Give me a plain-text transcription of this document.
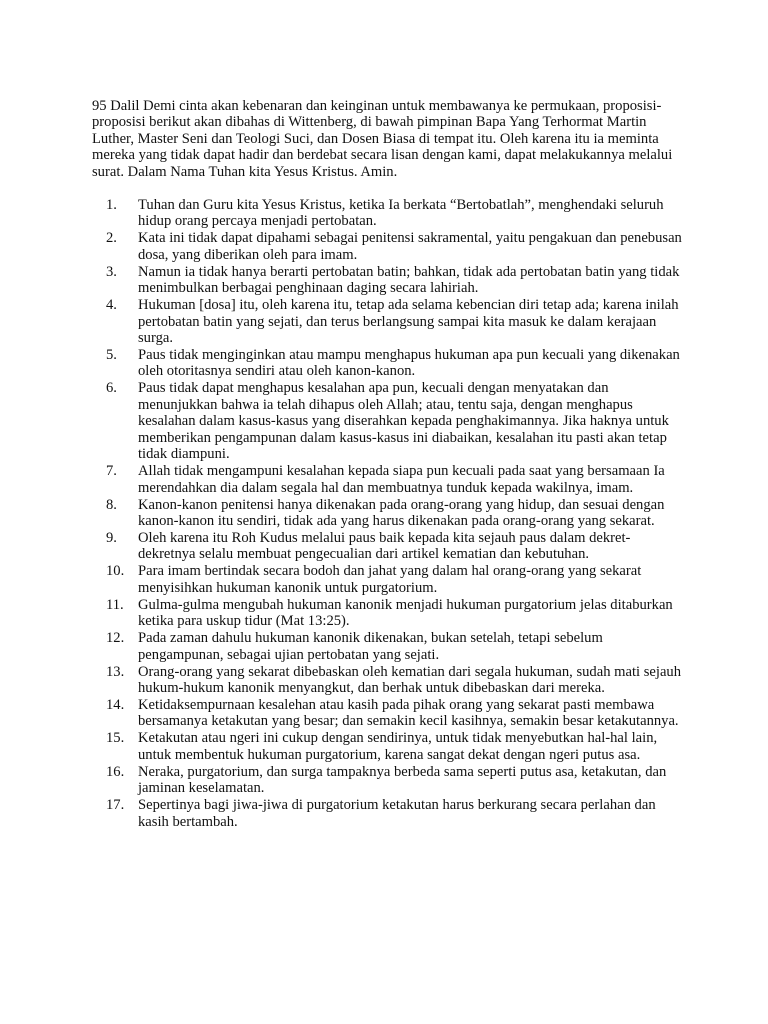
95 Dalil Demi cinta akan kebenaran dan keinginan untuk membawanya ke permukaan, proposisi-proposisi berikut akan dibahas di Wittenberg, di bawah pimpinan Bapa Yang Terhormat Martin Luther, Master Seni dan Teologi Suci, dan Dosen Biasa di tempat itu. Oleh karena itu ia meminta mereka yang tidak dapat hadir dan berdebat secara lisan dengan kami, dapat melakukannya melalui surat. Dalam Nama Tuhan kita Yesus Kristus. Amin.

1.	Tuhan dan Guru kita Yesus Kristus, ketika Ia berkata “Bertobatlah”, menghendaki seluruh hidup orang percaya menjadi pertobatan.
2.	Kata ini tidak dapat dipahami sebagai penitensi sakramental, yaitu pengakuan dan penebusan dosa, yang diberikan oleh para imam.
3.	Namun ia tidak hanya berarti pertobatan batin; bahkan, tidak ada pertobatan batin yang tidak menimbulkan berbagai penghinaan daging secara lahiriah.
4.	Hukuman [dosa] itu, oleh karena itu, tetap ada selama kebencian diri tetap ada; karena inilah pertobatan batin yang sejati, dan terus berlangsung sampai kita masuk ke dalam kerajaan surga.
5.	Paus tidak menginginkan atau mampu menghapus hukuman apa pun kecuali yang dikenakan oleh otoritasnya sendiri atau oleh kanon-kanon.
6.	Paus tidak dapat menghapus kesalahan apa pun, kecuali dengan menyatakan dan menunjukkan bahwa ia telah dihapus oleh Allah; atau, tentu saja, dengan menghapus kesalahan dalam kasus-kasus yang diserahkan kepada penghakimannya. Jika haknya untuk memberikan pengampunan dalam kasus-kasus ini diabaikan, kesalahan itu pasti akan tetap tidak diampuni.
7.	Allah tidak mengampuni kesalahan kepada siapa pun kecuali pada saat yang bersamaan Ia merendahkan dia dalam segala hal dan membuatnya tunduk kepada wakilnya, imam.
8.	Kanon-kanon penitensi hanya dikenakan pada orang-orang yang hidup, dan sesuai dengan kanon-kanon itu sendiri, tidak ada yang harus dikenakan pada orang-orang yang sekarat.
9.	Oleh karena itu Roh Kudus melalui paus baik kepada kita sejauh paus dalam dekret-dekretnya selalu membuat pengecualian dari artikel kematian dan kebutuhan.
10. Para imam bertindak secara bodoh dan jahat yang dalam hal orang-orang yang sekarat menyisihkan hukuman kanonik untuk purgatorium.
11. Gulma-gulma mengubah hukuman kanonik menjadi hukuman purgatorium jelas ditaburkan ketika para uskup tidur (Mat 13:25).
12. Pada zaman dahulu hukuman kanonik dikenakan, bukan setelah, tetapi sebelum pengampunan, sebagai ujian pertobatan yang sejati.
13. Orang-orang yang sekarat dibebaskan oleh kematian dari segala hukuman, sudah mati sejauh hukum-hukum kanonik menyangkut, dan berhak untuk dibebaskan dari mereka.
14. Ketidaksempurnaan kesalehan atau kasih pada pihak orang yang sekarat pasti membawa bersamanya ketakutan yang besar; dan semakin kecil kasihnya, semakin besar ketakutannya.
15. Ketakutan atau ngeri ini cukup dengan sendirinya, untuk tidak menyebutkan hal-hal lain, untuk membentuk hukuman purgatorium, karena sangat dekat dengan ngeri putus asa.
16. Neraka, purgatorium, dan surga tampaknya berbeda sama seperti putus asa, ketakutan, dan jaminan keselamatan.
17. Sepertinya bagi jiwa-jiwa di purgatorium ketakutan harus berkurang secara perlahan dan kasih bertambah.
